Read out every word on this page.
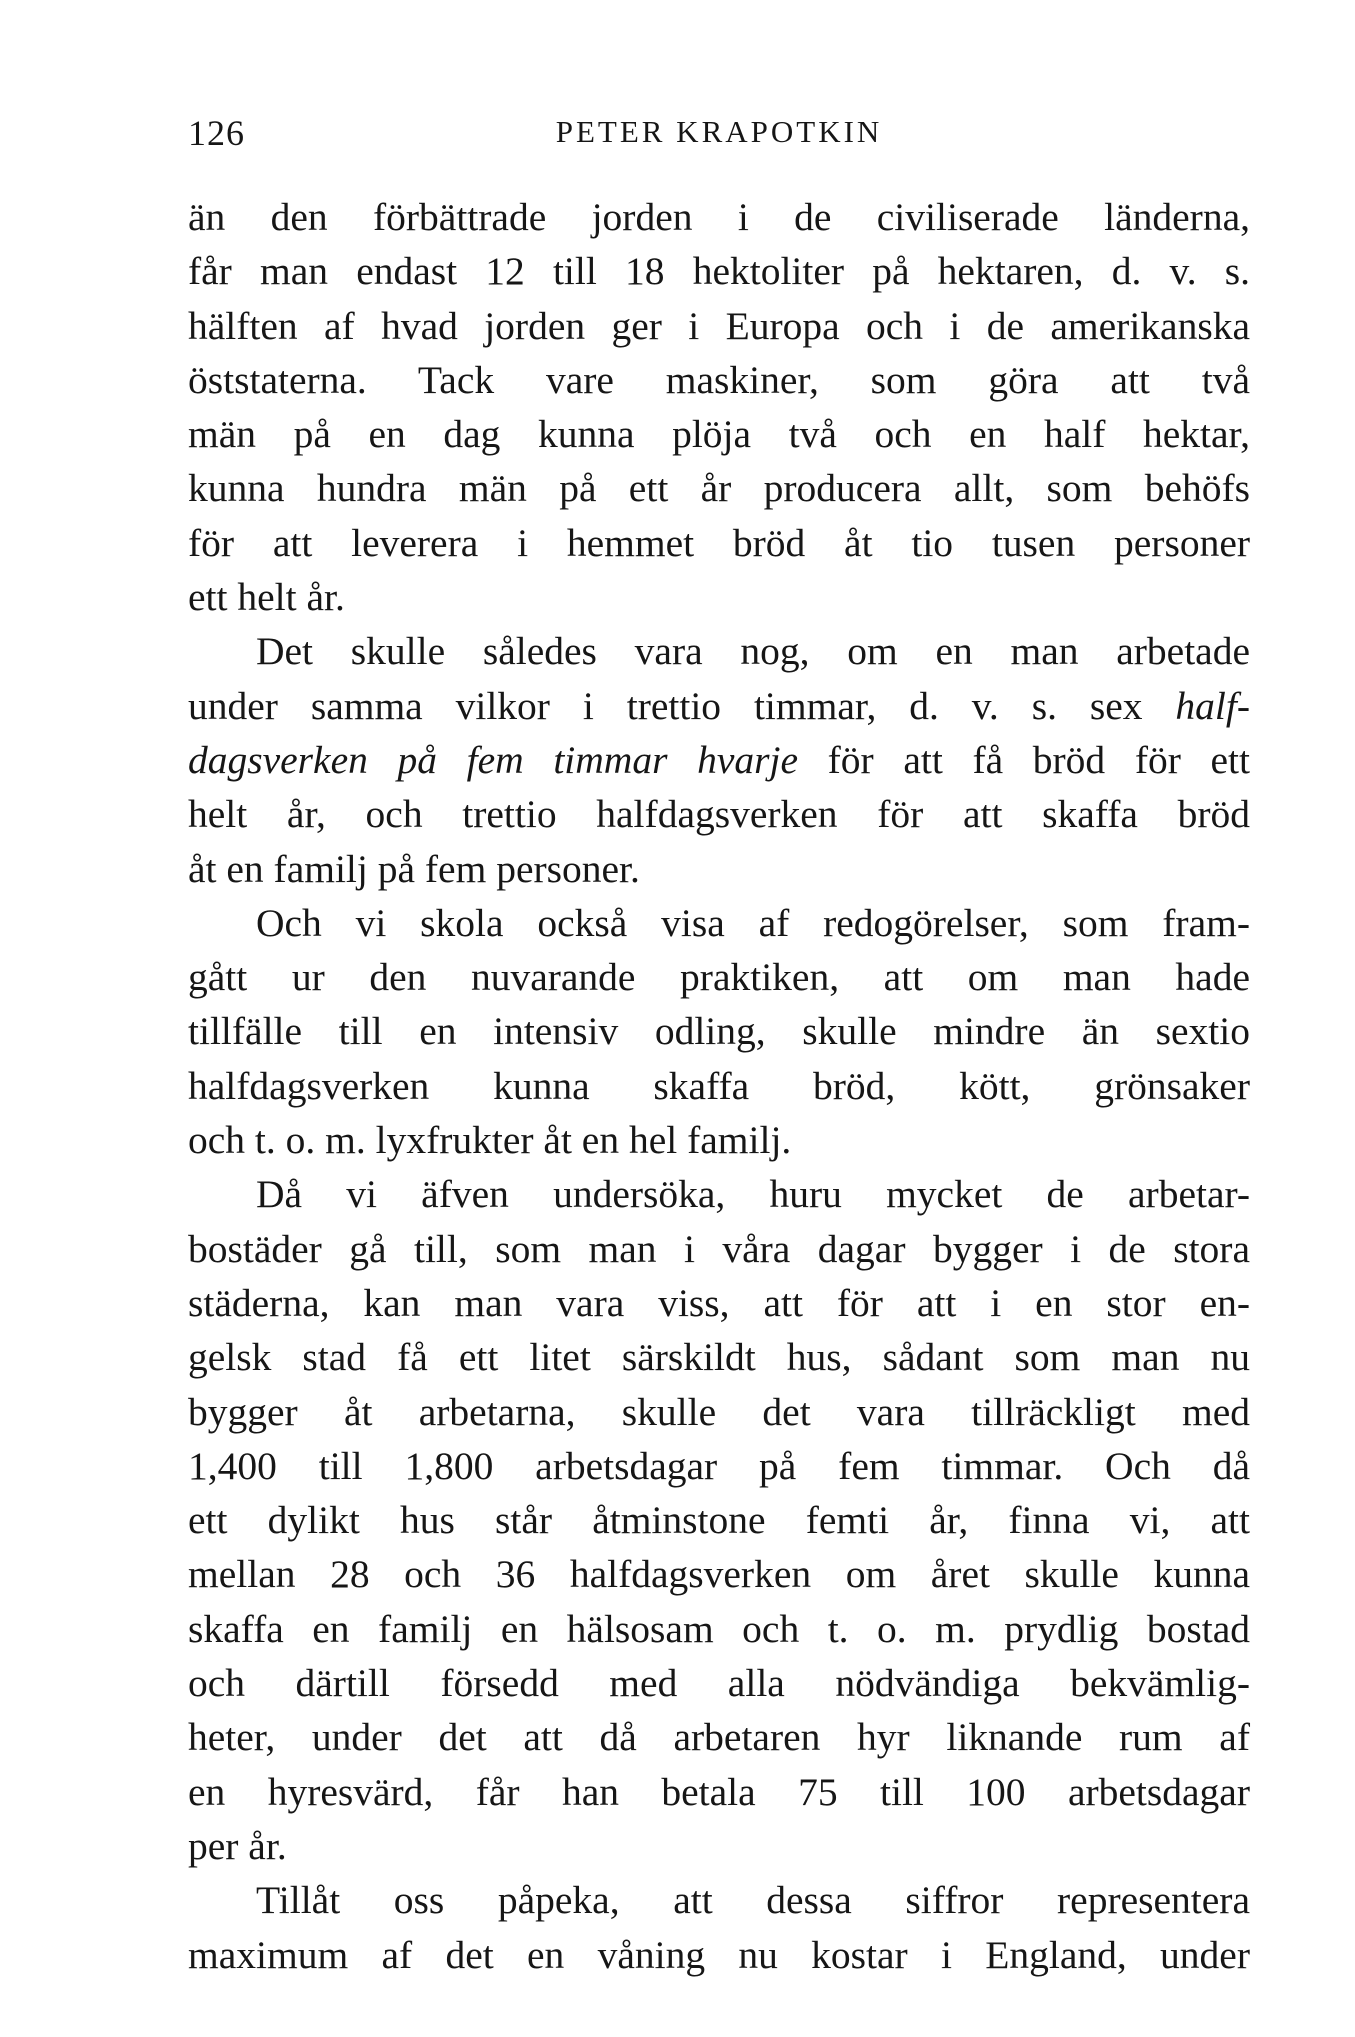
126	PETER KRAPOTKIN
än den förbättrade jorden i de civiliserade länderna,
får man endast 12 till 18 hektoliter på hektaren, d. v. s.
hälften af hvad jorden ger i Europa och i de amerikanska
öststaterna. Tack vare maskiner, som göra att två
män på en dag kunna plöja två och en half hektar,
kunna hundra män på ett år producera allt, som behöfs
för att leverera i hemmet bröd åt tio tusen personer
ett helt år.
Det skulle således vara nog, om en man arbetade
under samma vilkor i trettio timmar, d. v. s. sex half-
dagsverken på fem timmar hvarje för att få bröd för ett
helt år, och trettio halfdagsverken för att skaffa bröd
åt en familj på fem personer.
Och vi skola också visa af redogörelser, som fram-
gått ur den nuvarande praktiken, att om man hade
tillfälle till en intensiv odling, skulle mindre än sextio
halfdagsverken kunna skaffa bröd, kött, grönsaker
och t. o. m. lyxfrukter åt en hel familj.
Då vi äfven undersöka, huru mycket de arbetar-
bostäder gå till, som man i våra dagar bygger i de stora
städerna, kan man vara viss, att för att i en stor en-
gelsk stad få ett litet särskildt hus, sådant som man nu
bygger åt arbetarna, skulle det vara tillräckligt med
1,400 till 1,800 arbetsdagar på fem timmar. Och då
ett dylikt hus står åtminstone femti år, finna vi, att
mellan 28 och 36 halfdagsverken om året skulle kunna
skaffa en familj en hälsosam och t. o. m. prydlig bostad
och därtill försedd med alla nödvändiga bekvämlig-
heter, under det att då arbetaren hyr liknande rum af
en hyresvärd, får han betala 75 till 100 arbetsdagar
per år.
Tillåt oss påpeka, att dessa siffror representera
maximum af det en våning nu kostar i England, under
